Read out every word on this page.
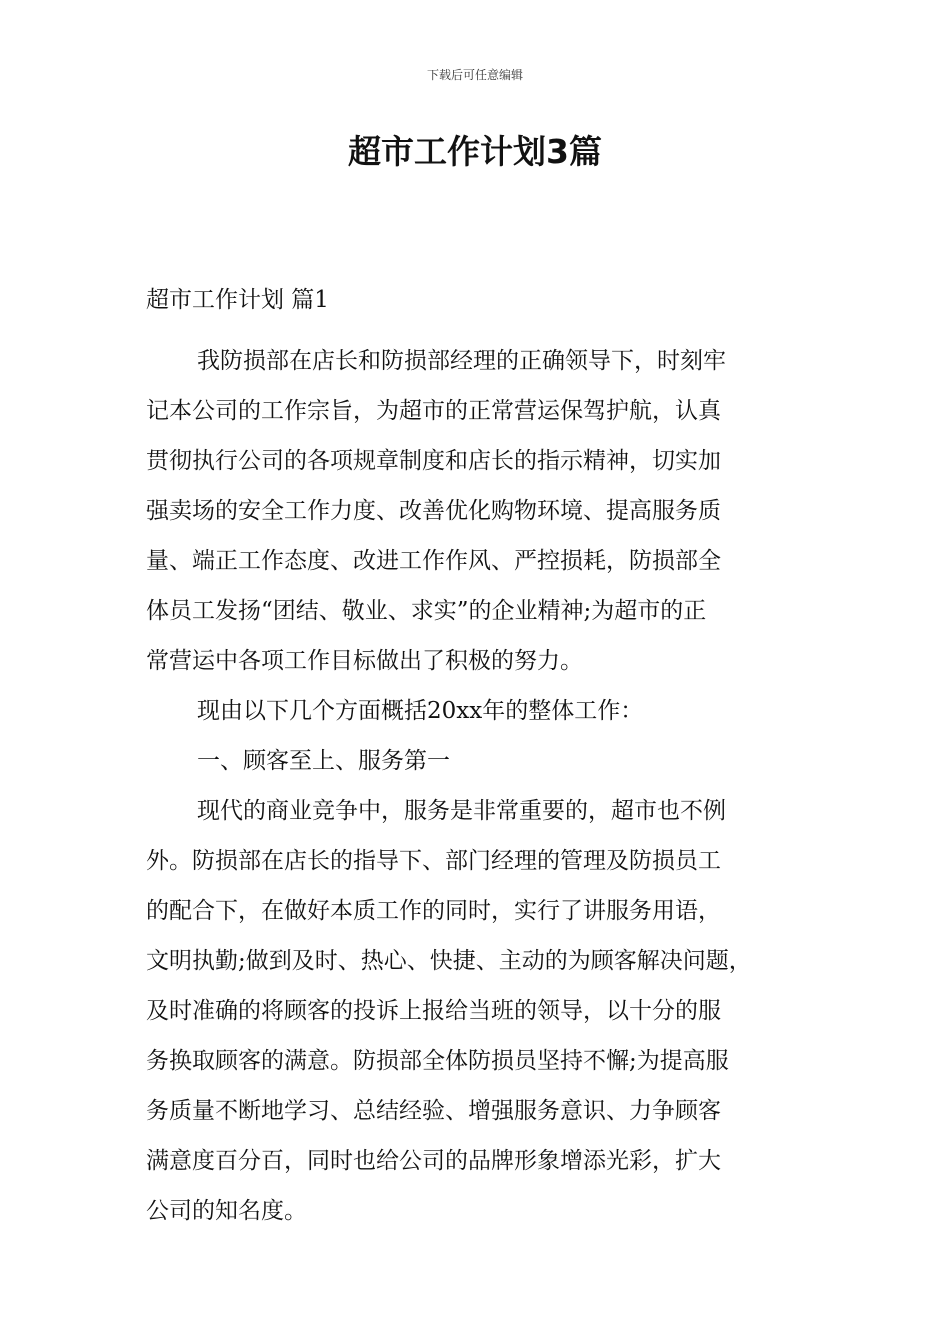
下载后可任意编辑
超市工作计划3篇
超市工作计划 篇1
我防损部在店长和防损部经理的正确领导下，时刻牢
记本公司的工作宗旨，为超市的正常营运保驾护航，认真
贯彻执行公司的各项规章制度和店长的指示精神，切实加
强卖场的安全工作力度、改善优化购物环境、提高服务质
量、端正工作态度、改进工作作风、严控损耗，防损部全
体员工发扬“团结、敬业、求实”的企业精神;为超市的正
常营运中各项工作目标做出了积极的努力。
现由以下几个方面概括20xx年的整体工作：
一、顾客至上、服务第一
现代的商业竞争中，服务是非常重要的，超市也不例
外。防损部在店长的指导下、部门经理的管理及防损员工
的配合下，在做好本质工作的同时，实行了讲服务用语，
文明执勤;做到及时、热心、快捷、主动的为顾客解决问题，
及时准确的将顾客的投诉上报给当班的领导，以十分的服
务换取顾客的满意。防损部全体防损员坚持不懈;为提高服
务质量不断地学习、总结经验、增强服务意识、力争顾客
满意度百分百，同时也给公司的品牌形象增添光彩，扩大
公司的知名度。
